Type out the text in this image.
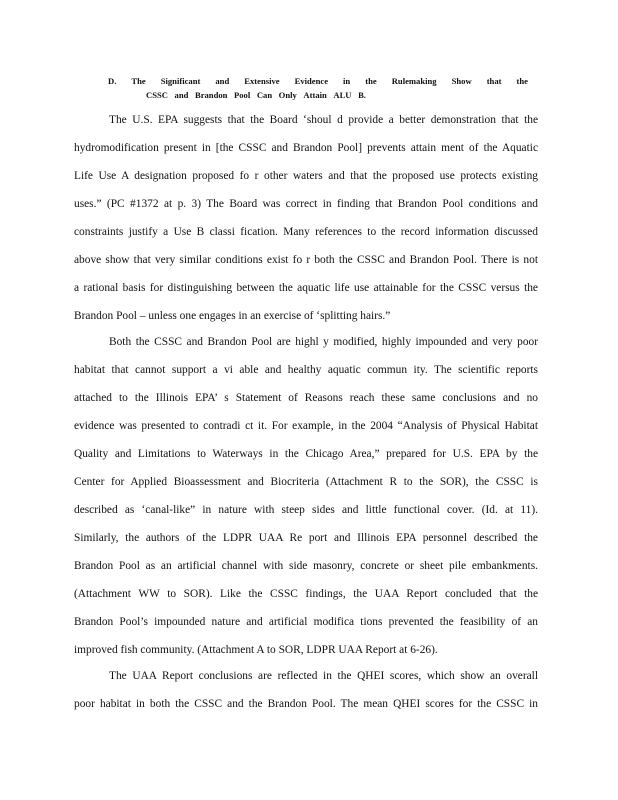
D. The Significant and Extensive Evidence in the Rulemaking Show that the
CSSC and Brandon Pool Can Only Attain ALU B.
The U.S. EPA suggests that the Board ‘shoul d provide a better demonstration that the
hydromodification present in [the CSSC and Brandon Pool] prevents attain ment of the Aquatic
Life Use A designation proposed fo r other waters and that the proposed use protects existing
uses.” (PC #1372 at p. 3) The Board was correct in finding that Brandon Pool conditions and
constraints justify a Use B classi fication. Many references to the record information discussed
above show that very similar conditions exist fo r both the CSSC and Brandon Pool. There is not
a rational basis for distinguishing between the aquatic life use attainable for the CSSC versus the
Brandon Pool – unless one engages in an exercise of ‘splitting hairs.”
Both the CSSC and Brandon Pool are highl y modified, highly impounded and very poor
habitat that cannot support a vi able and healthy aquatic commun ity. The scientific reports
attached to the Illinois EPA’ s Statement of Reasons reach these same conclusions and no
evidence was presented to contradi ct it. For example, in the 2004 “Analysis of Physical Habitat
Quality and Limitations to Waterways in the Chicago Area,” prepared for U.S. EPA by the
Center for Applied Bioassessment and Biocriteria (Attachment R to the SOR), the CSSC is
described as ‘canal-like” in nature with steep sides and little functional cover. (Id. at 11).
Similarly, the authors of the LDPR UAA Re port and Illinois EPA personnel described the
Brandon Pool as an artificial channel with side masonry, concrete or sheet pile embankments.
(Attachment WW to SOR). Like the CSSC findings, the UAA Report concluded that the
Brandon Pool’s impounded nature and artificial modifica tions prevented the feasibility of an
improved fish community. (Attachment A to SOR, LDPR UAA Report at 6-26).
The UAA Report conclusions are reflected in the QHEI scores, which show an overall
poor habitat in both the CSSC and the Brandon Pool. The mean QHEI scores for the CSSC in
